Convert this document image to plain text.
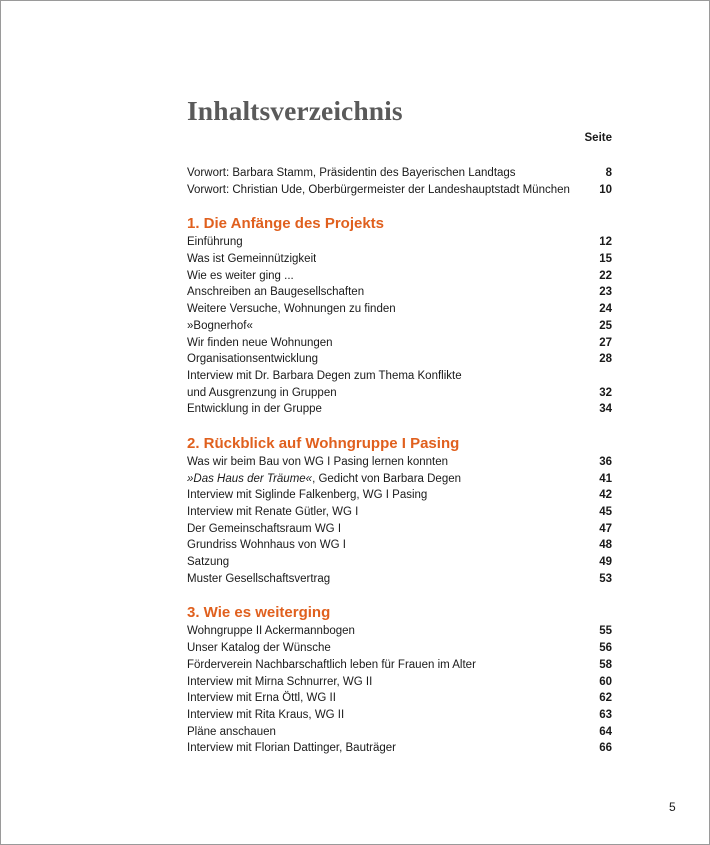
Inhaltsverzeichnis
Seite
Vorwort: Barbara Stamm, Präsidentin des Bayerischen Landtags	8
Vorwort: Christian Ude, Oberbürgermeister der Landeshauptstadt München	10
1. Die Anfänge des Projekts
Einführung	12
Was ist Gemeinnützigkeit	15
Wie es weiter ging ...	22
Anschreiben an Baugesellschaften	23
Weitere Versuche, Wohnungen zu finden	24
»Bognerhof«	25
Wir finden neue Wohnungen	27
Organisationsentwicklung	28
Interview mit Dr. Barbara Degen zum Thema Konflikte
und Ausgrenzung in Gruppen	32
Entwicklung in der Gruppe	34
2. Rückblick auf Wohngruppe I Pasing
Was wir beim Bau von WG I Pasing lernen konnten	36
»Das Haus der Träume«, Gedicht von Barbara Degen	41
Interview mit Siglinde Falkenberg, WG I Pasing	42
Interview mit Renate Gütler, WG I	45
Der Gemeinschaftsraum WG I	47
Grundriss Wohnhaus von WG I	48
Satzung	49
Muster Gesellschaftsvertrag	53
3. Wie es weiterging
Wohngruppe II Ackermannbogen	55
Unser Katalog der Wünsche	56
Förderverein Nachbarschaftlich leben für Frauen im Alter	58
Interview mit Mirna Schnurrer, WG II	60
Interview mit Erna Öttl, WG II	62
Interview mit Rita Kraus, WG II	63
Pläne anschauen	64
Interview mit Florian Dattinger, Bauträger	66
5
